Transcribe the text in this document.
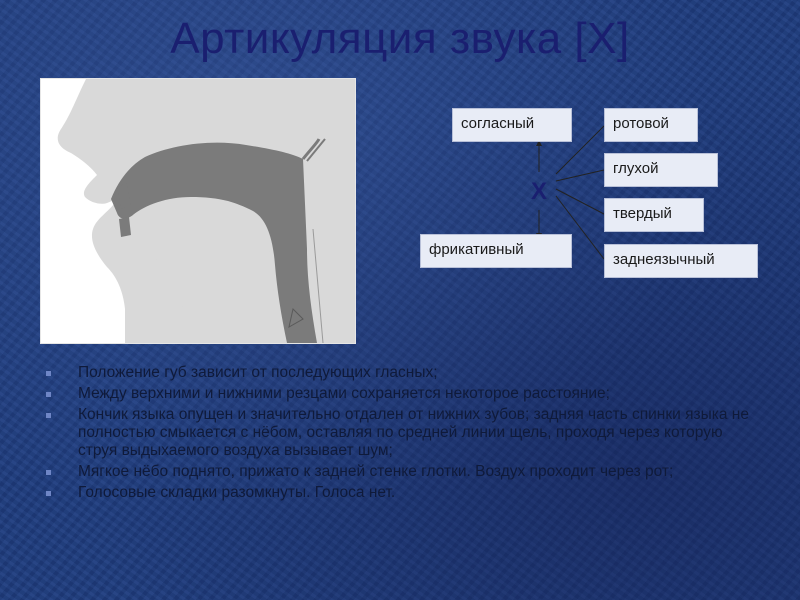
Артикуляция звука [Х]
согласный
фрикативный
Х
ротовой
глухой
твердый
заднеязычный
Положение губ зависит от последующих гласных;
Между верхними и нижними резцами сохраняется некоторое расстояние;
Кончик языка опущен и значительно отдален от нижних зубов; задняя часть спинки языка не полностью смыкается с нёбом, оставляя по средней линии щель, проходя через которую струя выдыхаемого воздуха вызывает шум;
Мягкое нёбо поднято, прижато к задней стенке глотки. Воздух проходит через рот;
Голосовые складки разомкнуты. Голоса нет.
